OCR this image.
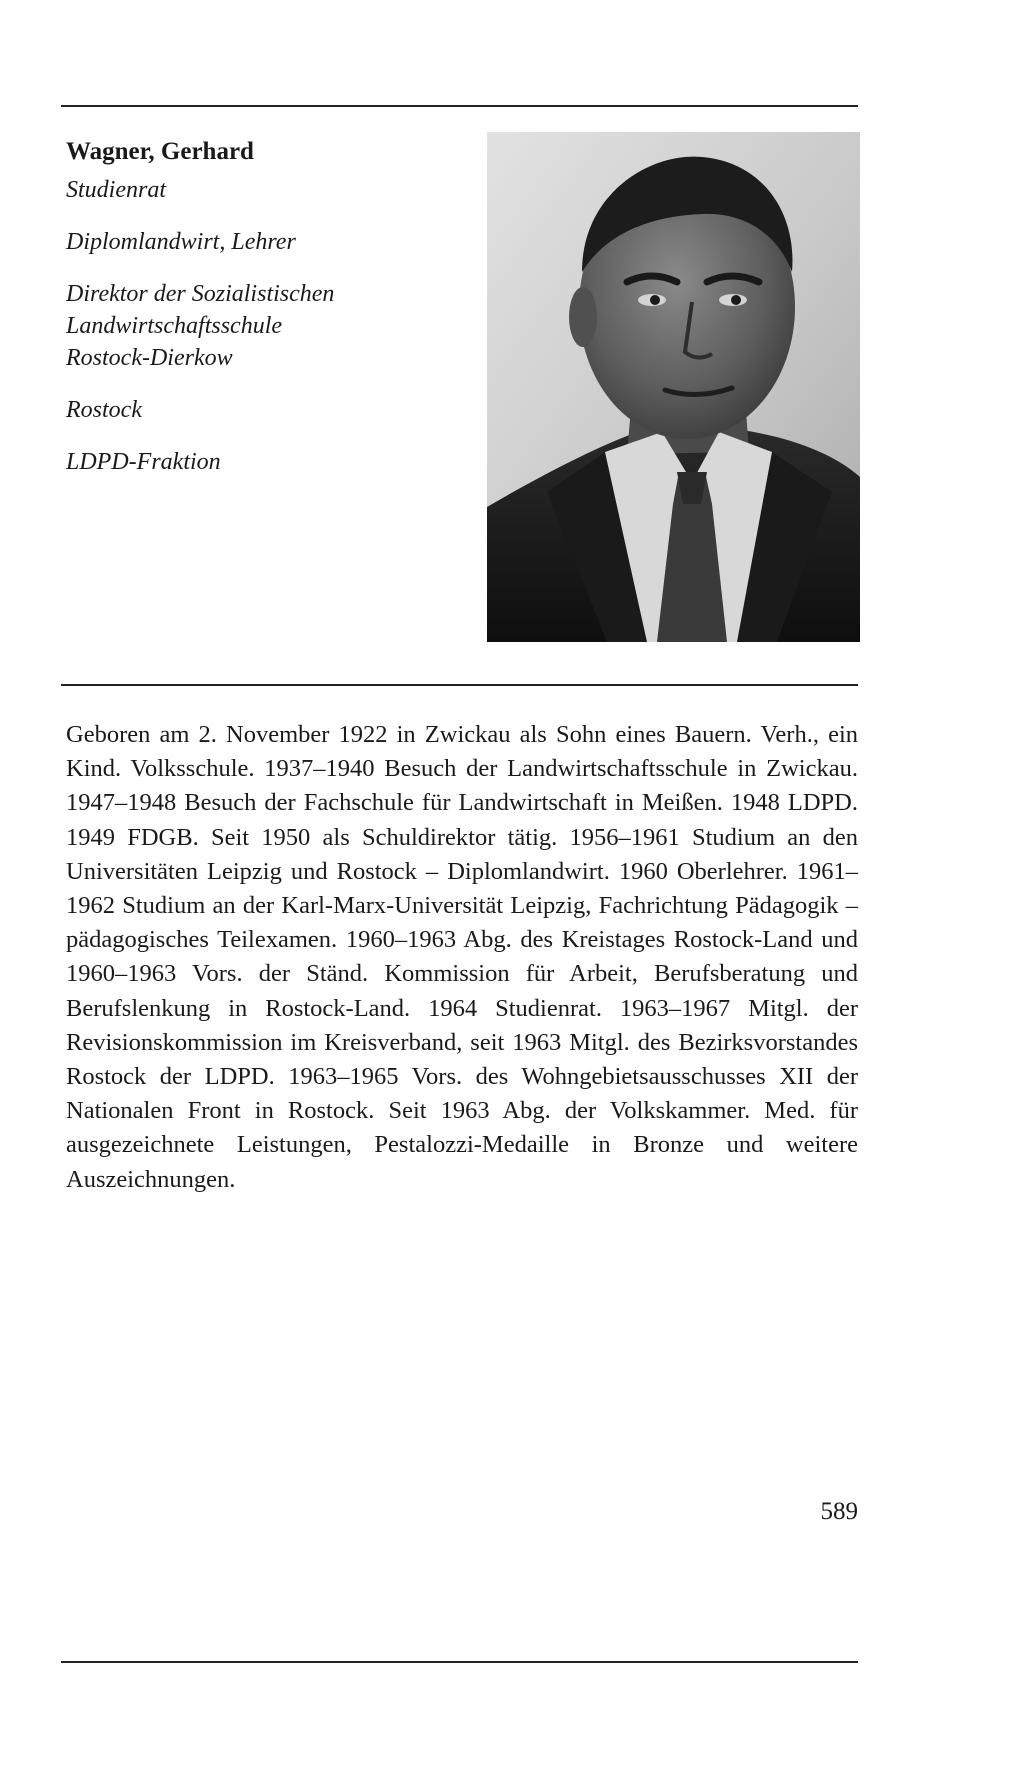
Wagner, Gerhard

Studienrat

Diplomlandwirt, Lehrer

Direktor der Sozialistischen
Landwirtschaftsschule
Rostock-Dierkow

Rostock

LDPD-Fraktion

Geboren am 2. November 1922 in Zwickau als Sohn eines Bauern. Verh., ein Kind. Volksschule. 1937–1940 Besuch der Landwirtschaftsschule in Zwickau. 1947–1948 Besuch der Fachschule für Landwirtschaft in Meißen. 1948 LDPD. 1949 FDGB. Seit 1950 als Schuldirektor tätig. 1956–1961 Studium an den Universitäten Leipzig und Rostock – Diplomlandwirt. 1960 Oberlehrer. 1961–1962 Studium an der Karl-Marx-Universität Leipzig, Fachrichtung Pädagogik – pädagogisches Teilexamen. 1960–1963 Abg. des Kreistages Rostock-Land und 1960–1963 Vors. der Ständ. Kommission für Arbeit, Berufsberatung und Berufslenkung in Rostock-Land. 1964 Studienrat. 1963–1967 Mitgl. der Revisionskommission im Kreisverband, seit 1963 Mitgl. des Bezirksvorstandes Rostock der LDPD. 1963–1965 Vors. des Wohngebietsausschusses XII der Nationalen Front in Rostock. Seit 1963 Abg. der Volkskammer. Med. für ausgezeichnete Leistungen, Pestalozzi-Medaille in Bronze und weitere Auszeichnungen.

589
